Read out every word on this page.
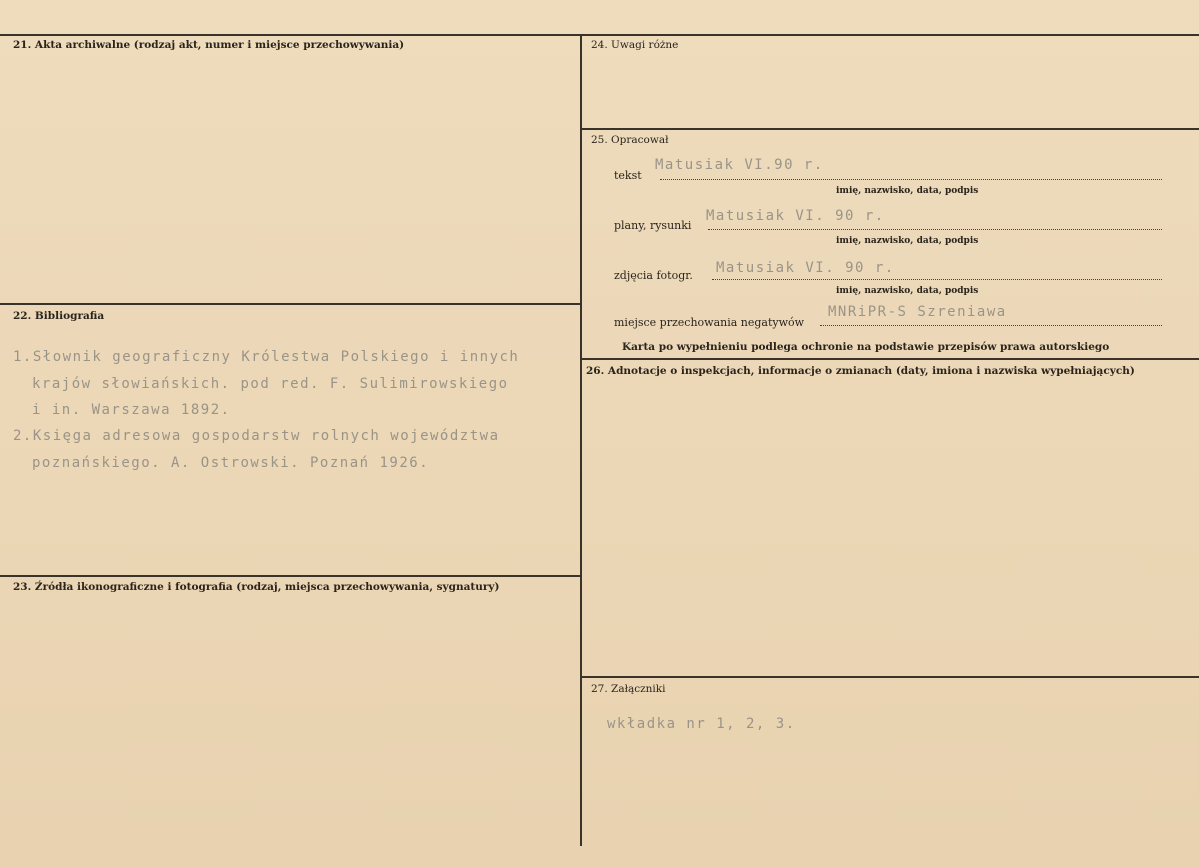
21. Akta archiwalne (rodzaj akt, numer i miejsce przechowywania)
22. Bibliografia
1.Słownik geograficzny Królestwa Polskiego i innych
krajów słowiańskich. pod red. F. Sulimirowskiego
i in. Warszawa 1892.
2.Księga adresowa gospodarstw rolnych województwa
poznańskiego. A. Ostrowski. Poznań 1926.
23. Źródła ikonograficzne i fotografia (rodzaj, miejsca przechowywania, sygnatury)
24. Uwagi różne
25. Opracował
tekst
Matusiak VI.90 r.
imię, nazwisko, data, podpis
plany, rysunki
Matusiak VI. 90 r.
imię, nazwisko, data, podpis
zdjęcia fotogr. Matusiak VI. 90 r.
imię, nazwisko, data, podpis
miejsce przechowania negatywów
MNRiPR-S Szreniawa
Karta po wypełnieniu podlega ochronie na podstawie przepisów prawa autorskiego
26. Adnotacje o inspekcjach, informacje o zmianach (daty, imiona i nazwiska wypełniających)
27. Załączniki
wkładka nr 1, 2, 3.
